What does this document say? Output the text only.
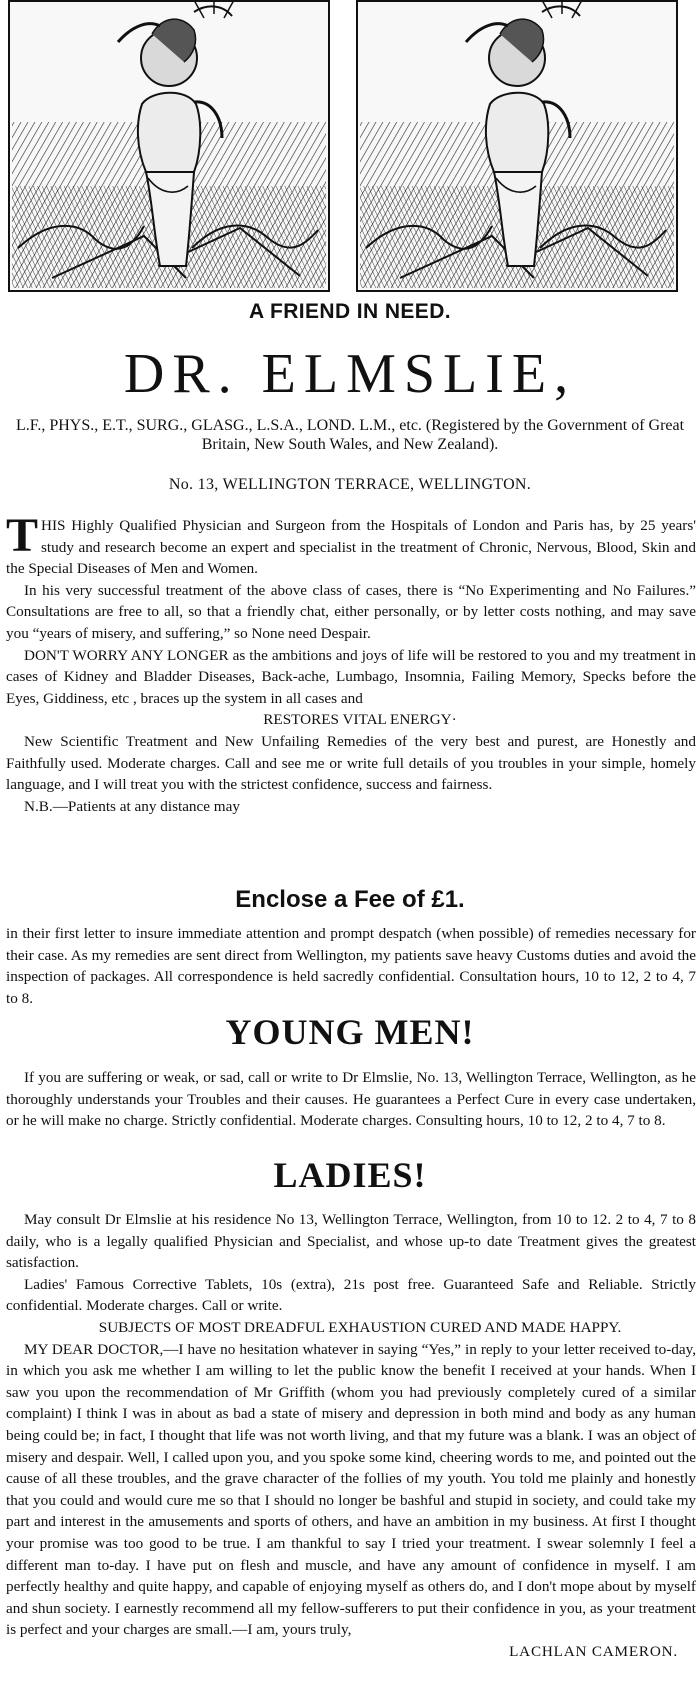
A FRIEND IN NEED.
DR. ELMSLIE,
L.F., PHYS., E.T., SURG., GLASG., L.S.A., LOND. L.M., etc. (Registered by the Government of Great Britain, New South Wales, and New Zealand).
No. 13, WELLINGTON TERRACE, WELLINGTON.

T HIS Highly Qualified Physician and Surgeon from the Hospitals of London and Paris has, by 25 years' study and research become an expert and specialist in the treatment of Chronic, Nervous, Blood, Skin and the Special Diseases of Men and Women.

In his very successful treatment of the above class of cases, there is “No Experimenting and No Failures.” Consultations are free to all, so that a friendly chat, either personally, or by letter costs nothing, and may save you “years of misery, and suffering,” so None need Despair.

DON'T WORRY ANY LONGER as the ambitions and joys of life will be restored to you and my treatment in cases of Kidney and Bladder Diseases, Back-ache, Lumbago, Insomnia, Failing Memory, Specks before the Eyes, Giddiness, etc , braces up the system in all cases and

RESTORES VITAL ENERGY·

New Scientific Treatment and New Unfailing Remedies of the very best and purest, are Honestly and Faithfully used. Moderate charges. Call and see me or write full details of you troubles in your simple, homely language, and I will treat you with the strictest confidence, success and fairness.

N.B.—Patients at any distance may

Enclose a Fee of £1.

in their first letter to insure immediate attention and prompt despatch (when possible) of remedies necessary for their case. As my remedies are sent direct from Wellington, my patients save heavy Customs duties and avoid the inspection of packages. All correspondence is held sacredly confidential. Consultation hours, 10 to 12, 2 to 4, 7 to 8.

YOUNG MEN!

If you are suffering or weak, or sad, call or write to Dr Elmslie, No. 13, Wellington Terrace, Wellington, as he thoroughly understands your Troubles and their causes. He guarantees a Perfect Cure in every case undertaken, or he will make no charge. Strictly confidential. Moderate charges. Consulting hours, 10 to 12, 2 to 4, 7 to 8.

LADIES!

May consult Dr Elmslie at his residence No 13, Wellington Terrace, Wellington, from 10 to 12. 2 to 4, 7 to 8 daily, who is a legally qualified Physician and Specialist, and whose up-to date Treatment gives the greatest satisfaction.

Ladies' Famous Corrective Tablets, 10s (extra), 21s post free. Guaranteed Safe and Reliable. Strictly confidential. Moderate charges. Call or write.

SUBJECTS OF MOST DREADFUL EXHAUSTION CURED AND MADE HAPPY.

MY DEAR DOCTOR,—I have no hesitation whatever in saying “Yes,” in reply to your letter received to-day, in which you ask me whether I am willing to let the public know the benefit I received at your hands. When I saw you upon the recommendation of Mr Griffith (whom you had previously completely cured of a similar complaint) I think I was in about as bad a state of misery and depression in both mind and body as any human being could be; in fact, I thought that life was not worth living, and that my future was a blank. I was an object of misery and despair. Well, I called upon you, and you spoke some kind, cheering words to me, and pointed out the cause of all these troubles, and the grave character of the follies of my youth. You told me plainly and honestly that you could and would cure me so that I should no longer be bashful and stupid in society, and could take my part and interest in the amusements and sports of others, and have an ambition in my business. At first I thought your promise was too good to be true. I am thankful to say I tried your treatment. I swear solemnly I feel a different man to-day. I have put on flesh and muscle, and have any amount of confidence in myself. I am perfectly healthy and quite happy, and capable of enjoying myself as others do, and I don't mope about by myself and shun society. I earnestly recommend all my fellow-sufferers to put their confidence in you, as your treatment is perfect and your charges are small.—I am, yours truly,

LACHLAN CAMERON.
